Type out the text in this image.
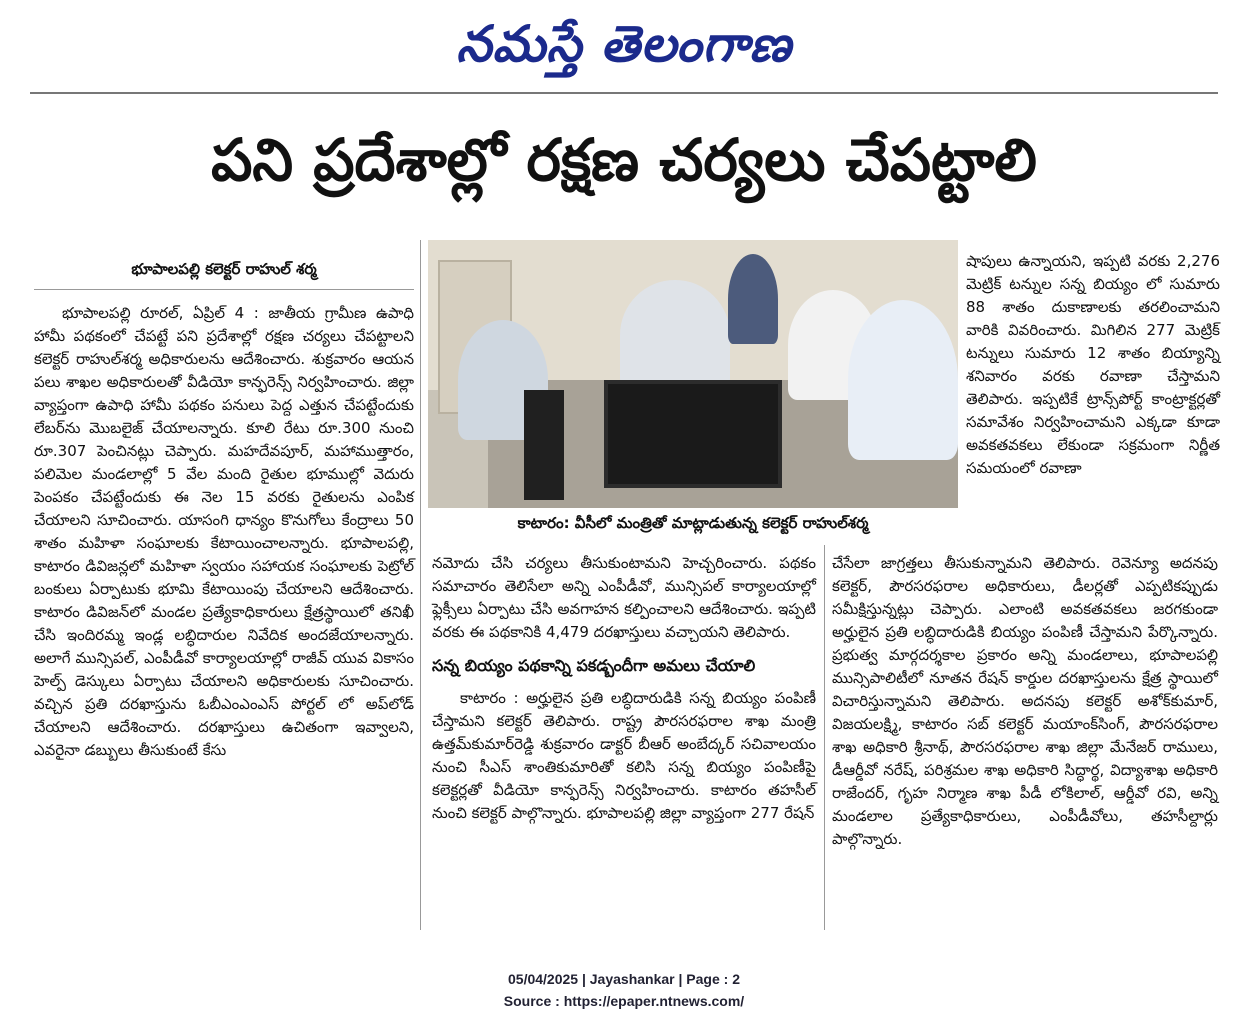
నమస్తే తెలంగాణ
పని ప్రదేశాల్లో రక్షణ చర్యలు చేపట్టాలి
భూపాలపల్లి కలెక్టర్ రాహుల్ శర్మ

భూపాలపల్లి రూరల్, ఏప్రిల్ 4 : జాతీయ గ్రామీణ ఉపాధి హామీ పథకంలో చేపట్టే పని ప్రదేశాల్లో రక్షణ చర్యలు చేపట్టాలని కలెక్టర్ రాహుల్‌శర్మ అధికారులను ఆదేశించారు. శుక్రవారం ఆయన పలు శాఖల అధికారులతో వీడియో కాన్ఫరెన్స్ నిర్వహించారు. జిల్లా వ్యాప్తంగా ఉపాధి హామీ పథకం పనులు పెద్ద ఎత్తున చేపట్టేందుకు లేబర్‌ను మొబలైజ్ చేయాలన్నారు. కూలి రేటు రూ.300 నుంచి రూ.307 పెంచినట్లు చెప్పారు. మహదేవపూర్, మహాముత్తారం, పలిమెల మండలాల్లో 5 వేల మంది రైతుల భూముల్లో వెదురు పెంపకం చేపట్టేందుకు ఈ నెల 15 వరకు రైతులను ఎంపిక చేయాలని సూచించారు. యాసంగి ధాన్యం కొనుగోలు కేంద్రాలు 50 శాతం మహిళా సంఘాలకు కేటాయించాలన్నారు. భూపాలపల్లి, కాటారం డివిజన్లలో మహిళా స్వయం సహాయక సంఘాలకు పెట్రోల్ బంకులు ఏర్పాటుకు భూమి కేటాయింపు చేయాలని ఆదేశించారు. కాటారం డివిజన్‌లో మండల ప్రత్యేకాధికారులు క్షేత్రస్థాయిలో తనిఖీ చేసి ఇందిరమ్మ ఇండ్ల లబ్ధిదారుల నివేదిక అందజేయాలన్నారు. అలాగే మున్సిపల్, ఎంపీడీవో కార్యాలయాల్లో రాజీవ్ యువ వికాసం హెల్ప్ డెస్కులు ఏర్పాటు చేయాలని అధికారులకు సూచించారు. వచ్చిన ప్రతి దరఖాస్తును ఓబీఎంఎంఎస్ పోర్టల్ లో అప్‌లోడ్ చేయాలని ఆదేశించారు. దరఖాస్తులు ఉచితంగా ఇవ్వాలని, ఎవరైనా డబ్బులు తీసుకుంటే కేసు

కాటారం: వీసీలో మంత్రితో మాట్లాడుతున్న కలెక్టర్ రాహుల్‌శర్మ

నమోదు చేసి చర్యలు తీసుకుంటామని హెచ్చరించారు. పథకం సమాచారం తెలిసేలా అన్ని ఎంపీడీవో, మున్సిపల్ కార్యాలయాల్లో ఫ్లెక్సీలు ఏర్పాటు చేసి అవగాహన కల్పించాలని ఆదేశించారు. ఇప్పటి వరకు ఈ పథకానికి 4,479 దరఖాస్తులు వచ్చాయని తెలిపారు.

సన్న బియ్యం పథకాన్ని పకడ్బందీగా అమలు చేయాలి

కాటారం : అర్హులైన ప్రతి లబ్ధిదారుడికి సన్న బియ్యం పంపిణీ చేస్తామని కలెక్టర్ తెలిపారు. రాష్ట్ర పౌరసరఫరాల శాఖ మంత్రి ఉత్తమ్‌కుమార్‌రెడ్డి శుక్రవారం డాక్టర్ బీఆర్ అంబేద్కర్ సచివాలయం నుంచి సీఎస్ శాంతికుమారితో కలిసి సన్న బియ్యం పంపిణీపై కలెక్టర్లతో వీడియో కాన్ఫరెన్స్ నిర్వహించారు. కాటారం తహసీల్ నుంచి కలెక్టర్ పాల్గొన్నారు. భూపాలపల్లి జిల్లా వ్యాప్తంగా 277 రేషన్

షాపులు ఉన్నాయని, ఇప్పటి వరకు 2,276 మెట్రిక్ టన్నుల సన్న బియ్యం లో సుమారు 88 శాతం దుకాణాలకు తరలించామని వారికి వివరించారు. మిగిలిన 277 మెట్రిక్ టన్నులు సుమారు 12 శాతం బియ్యాన్ని శనివారం వరకు రవాణా చేస్తామని తెలిపారు. ఇప్పటికే ట్రాన్స్‌పోర్ట్ కాంట్రాక్టర్లతో సమావేశం నిర్వహించామని ఎక్కడా కూడా అవకతవకలు లేకుండా సక్రమంగా నిర్ణీత సమయంలో రవాణా

చేసేలా జాగ్రత్తలు తీసుకున్నామని తెలిపారు. రెవెన్యూ అదనపు కలెక్టర్, పౌరసరఫరాల అధికారులు, డీలర్లతో ఎప్పటికప్పుడు సమీక్షిస్తున్నట్లు చెప్పారు. ఎలాంటి అవకతవకలు జరగకుండా అర్హులైన ప్రతి లబ్ధిదారుడికి బియ్యం పంపిణీ చేస్తామని పేర్కొన్నారు. ప్రభుత్వ మార్గదర్శకాల ప్రకారం అన్ని మండలాలు, భూపాలపల్లి మున్సిపాలిటీలో నూతన రేషన్ కార్డుల దరఖాస్తులను క్షేత్ర స్థాయిలో విచారిస్తున్నామని తెలిపారు. అదనపు కలెక్టర్ అశోక్‌కుమార్, విజయలక్ష్మి, కాటారం సబ్ కలెక్టర్ మయాంక్‌సింగ్, పౌరసరఫరాల శాఖ అధికారి శ్రీనాథ్, పౌరసరఫరాల శాఖ జిల్లా మేనేజర్ రాములు, డీఆర్డీవో నరేష్, పరిశ్రమల శాఖ అధికారి సిద్ధార్థ, విద్యాశాఖ అధికారి రాజేందర్, గృహ నిర్మాణ శాఖ పీడీ లోకిలాల్, ఆర్డీవో రవి, అన్ని మండలాల ప్రత్యేకాధికారులు, ఎంపీడీవోలు, తహసీల్దార్లు పాల్గొన్నారు.

05/04/2025 | Jayashankar | Page : 2
Source : https://epaper.ntnews.com/
